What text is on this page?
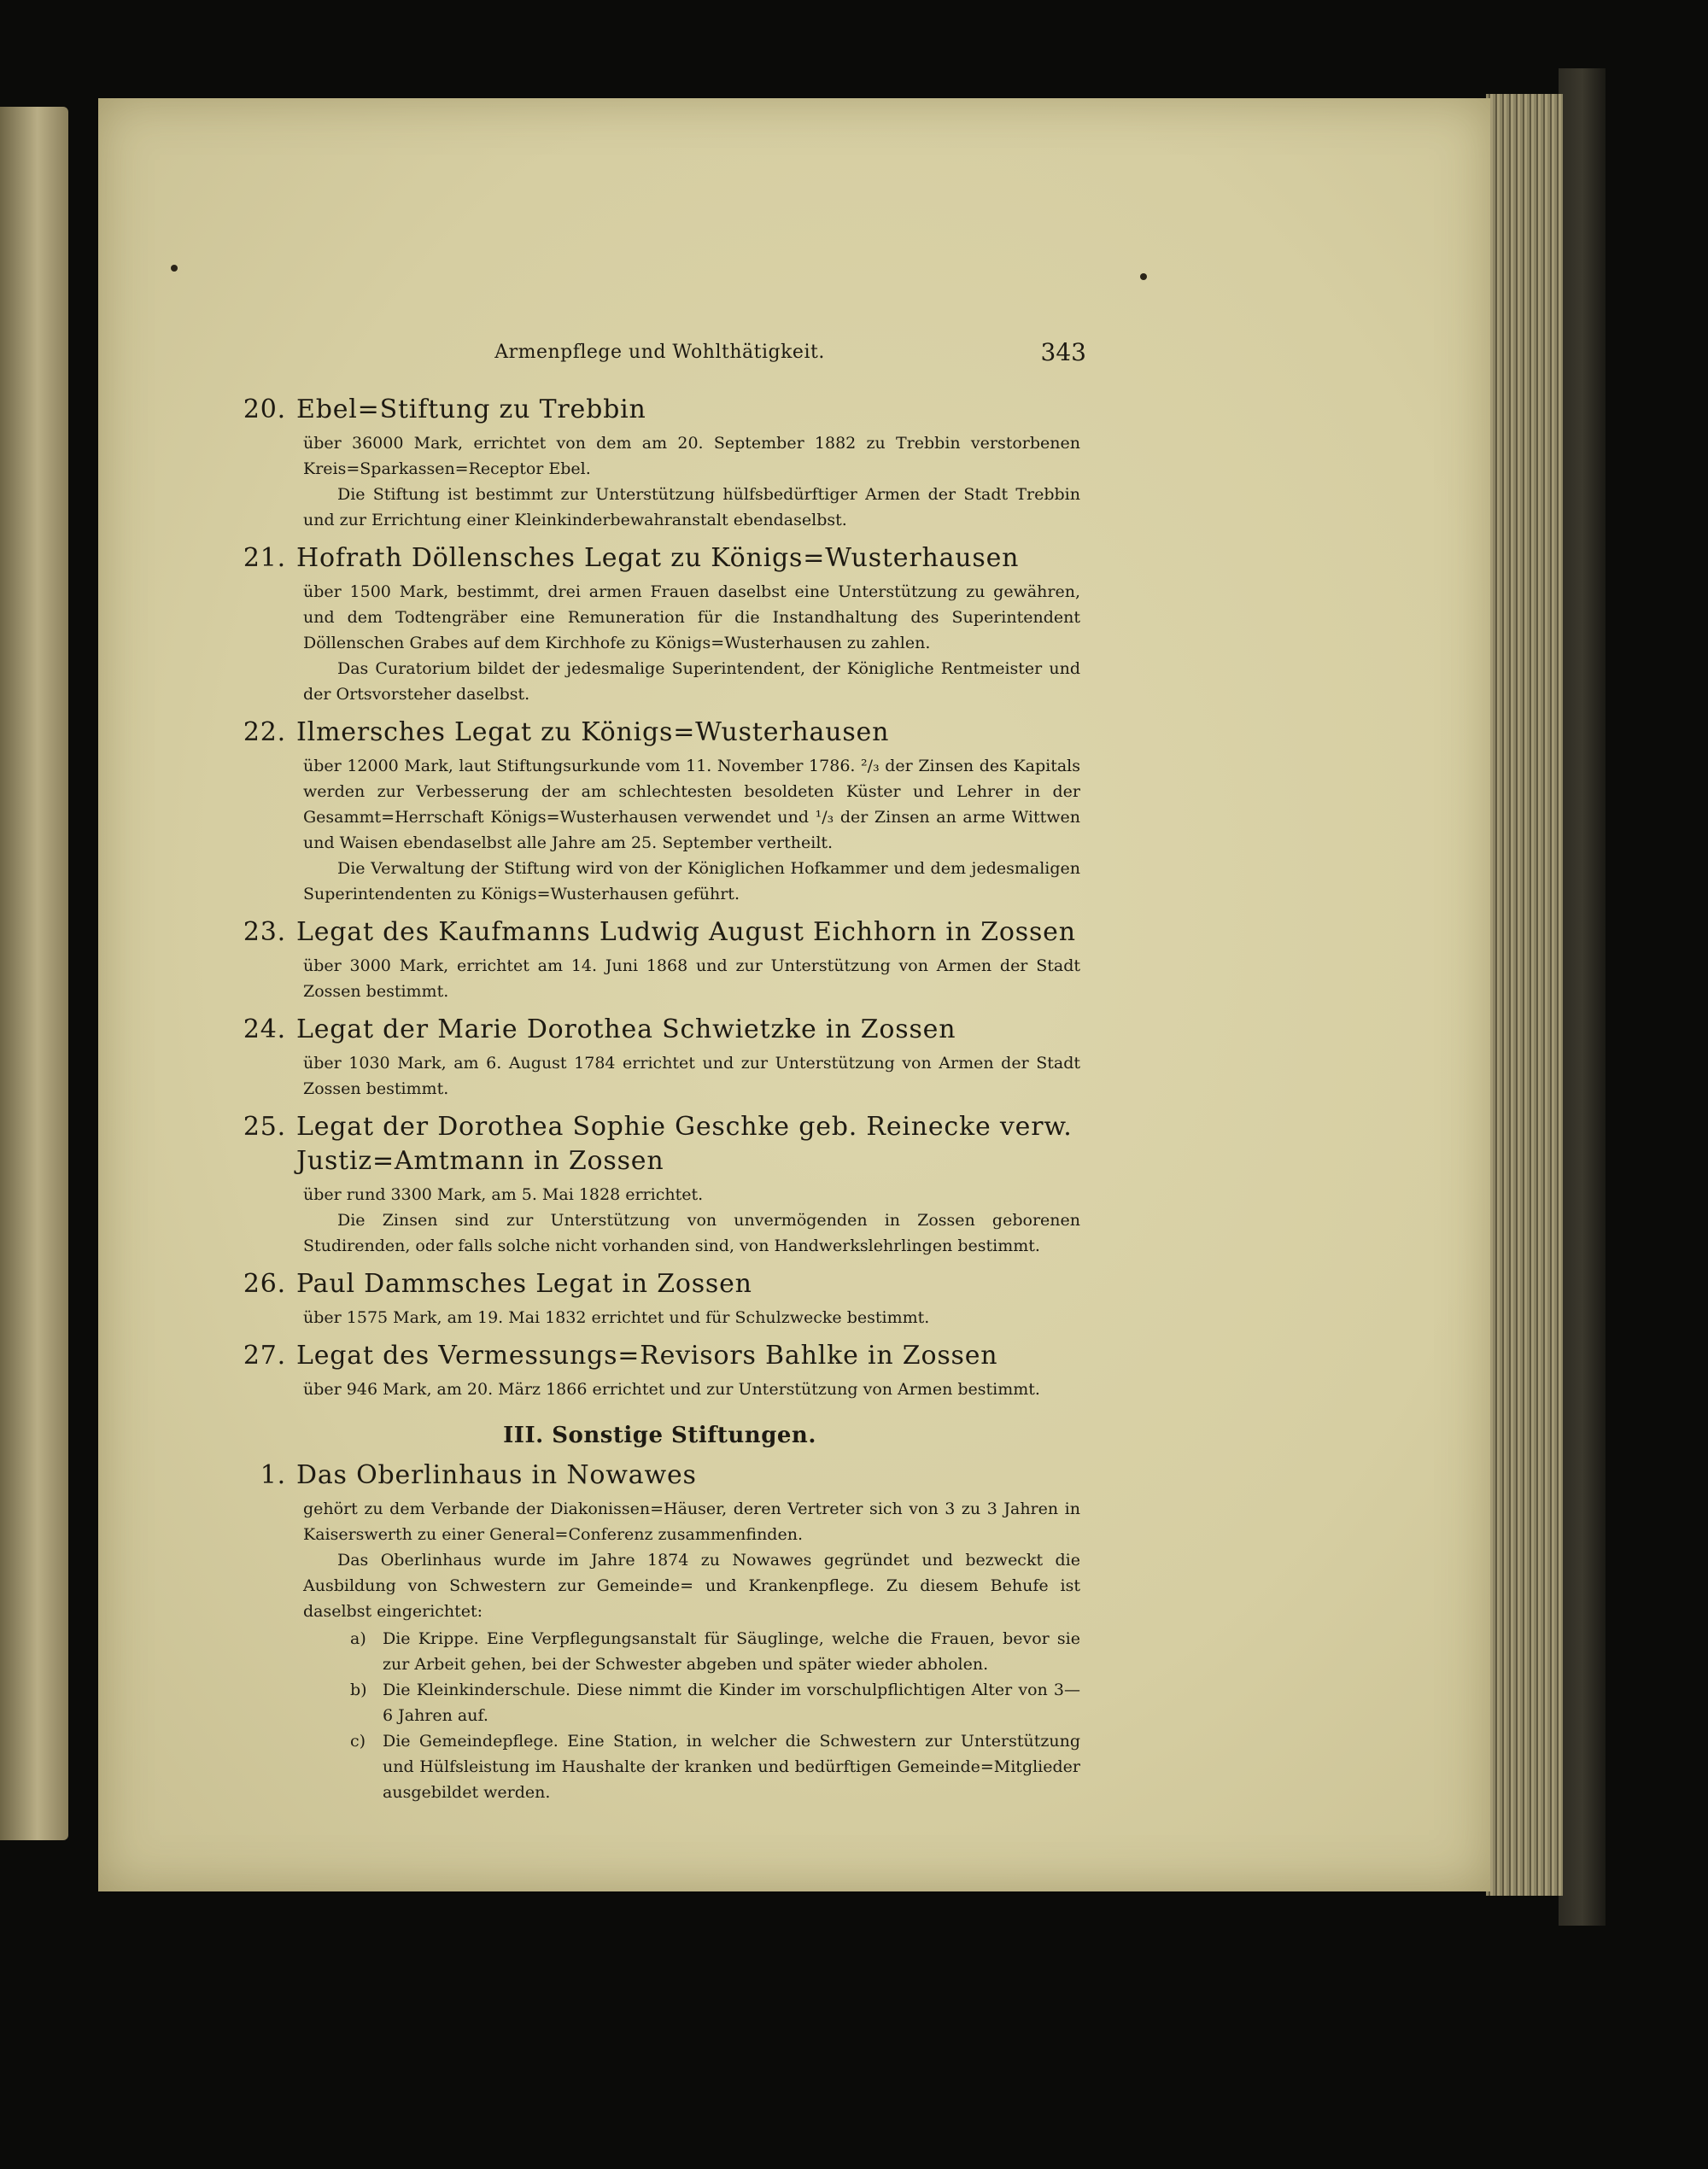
Armenpflege und Wohlthätigkeit.	343
20. Ebel=Stiftung zu Trebbin

über 36000 Mark, errichtet von dem am 20. September 1882 zu Trebbin verstorbenen Kreis=Sparkassen=Receptor Ebel.

Die Stiftung ist bestimmt zur Unterstützung hülfsbedürftiger Armen der Stadt Trebbin und zur Errichtung einer Kleinkinderbewahranstalt ebendaselbst.

21. Hofrath Döllensches Legat zu Königs=Wusterhausen

über 1500 Mark, bestimmt, drei armen Frauen daselbst eine Unterstützung zu gewähren, und dem Todtengräber eine Remuneration für die Instandhaltung des Superintendent Döllenschen Grabes auf dem Kirchhofe zu Königs=Wusterhausen zu zahlen.

Das Curatorium bildet der jedesmalige Superintendent, der Königliche Rentmeister und der Ortsvorsteher daselbst.

22. Ilmersches Legat zu Königs=Wusterhausen

über 12000 Mark, laut Stiftungsurkunde vom 11. November 1786. ²/₃ der Zinsen des Kapitals werden zur Verbesserung der am schlechtesten besoldeten Küster und Lehrer in der Gesammt=Herrschaft Königs=Wusterhausen verwendet und ¹/₃ der Zinsen an arme Wittwen und Waisen ebendaselbst alle Jahre am 25. September vertheilt.

Die Verwaltung der Stiftung wird von der Königlichen Hofkammer und dem jedesmaligen Superintendenten zu Königs=Wusterhausen geführt.

23. Legat des Kaufmanns Ludwig August Eichhorn in Zossen

über 3000 Mark, errichtet am 14. Juni 1868 und zur Unterstützung von Armen der Stadt Zossen bestimmt.

24. Legat der Marie Dorothea Schwietzke in Zossen

über 1030 Mark, am 6. August 1784 errichtet und zur Unterstützung von Armen der Stadt Zossen bestimmt.

25. Legat der Dorothea Sophie Geschke geb. Reinecke verw. Justiz=Amtmann in Zossen

über rund 3300 Mark, am 5. Mai 1828 errichtet.

Die Zinsen sind zur Unterstützung von unvermögenden in Zossen geborenen Studirenden, oder falls solche nicht vorhanden sind, von Handwerkslehrlingen bestimmt.

26. Paul Dammsches Legat in Zossen

über 1575 Mark, am 19. Mai 1832 errichtet und für Schulzwecke bestimmt.

27. Legat des Vermessungs=Revisors Bahlke in Zossen

über 946 Mark, am 20. März 1866 errichtet und zur Unterstützung von Armen bestimmt.

III. Sonstige Stiftungen.
1. Das Oberlinhaus in Nowawes

gehört zu dem Verbande der Diakonissen=Häuser, deren Vertreter sich von 3 zu 3 Jahren in Kaiserswerth zu einer General=Conferenz zusammenfinden.

Das Oberlinhaus wurde im Jahre 1874 zu Nowawes gegründet und bezweckt die Ausbildung von Schwestern zur Gemeinde= und Krankenpflege. Zu diesem Behufe ist daselbst eingerichtet:

a)	Die Krippe. Eine Verpflegungsanstalt für Säuglinge, welche die Frauen, bevor sie zur Arbeit gehen, bei der Schwester abgeben und später wieder abholen.
b) Die Kleinkinderschule. Diese nimmt die Kinder im vorschulpflichtigen Alter von 3—6 Jahren auf.
c)	Die Gemeindepflege. Eine Station, in welcher die Schwestern zur Unterstützung und Hülfsleistung im Haushalte der kranken und bedürftigen Gemeinde=Mitglieder ausgebildet werden.
